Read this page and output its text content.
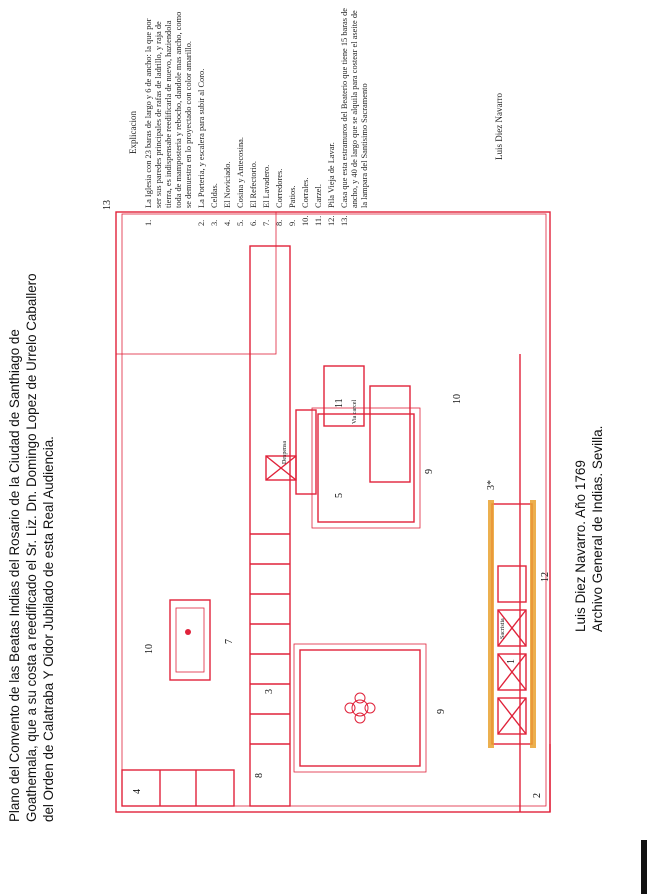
Plano del Convento de las Beatas Indias del Rosario de la Ciudad de Santhiago de Goathemala, que a su costa a reedificado el Sr. Liz. Dn. Domingo Lopez de Urrelo Caballero del Orden de Calatraba Y Oidor Jubilado de esta Real Audiencia.	10
10
7
9
9
12
13
11
5
1
2
4
8
3
3*
Despensa
Sacristia
Via carcel
Luis Diez Navarro. Año 1769 Archivo General de Indias. Sevilla.
Explicacion
1.
La Iglesia con 23 baras de largo y 6 de ancho: la que por ser sus paredes principales de rafas de ladrillo, y raja de tierra, es indispensabe reedificarla de nuevo, haziendola toda de mamposteria y rebocho, dandole mas ancho, como se demuestra en lo proyectado con color amarillo.
2.
La Porteria, y escalera para subir al Coro.
3.
Celdas.
4.
El Noviciado.
5.
Cosina y Antecosina.
6.
El Refectorio.
7.
El Lavadero.
8.
Corredores.
9.
Patios.
10.
Corrales.
11.
Carzel.
12.
Pila Vieja de Lavar.
13.
Casa que esta estramuros del Beaterio que tiene 15 baras de ancho, y 40 de largo que se alquila para costear el aseite de la lampara del Santisimo Sacramento	Luis Diez Navarro
